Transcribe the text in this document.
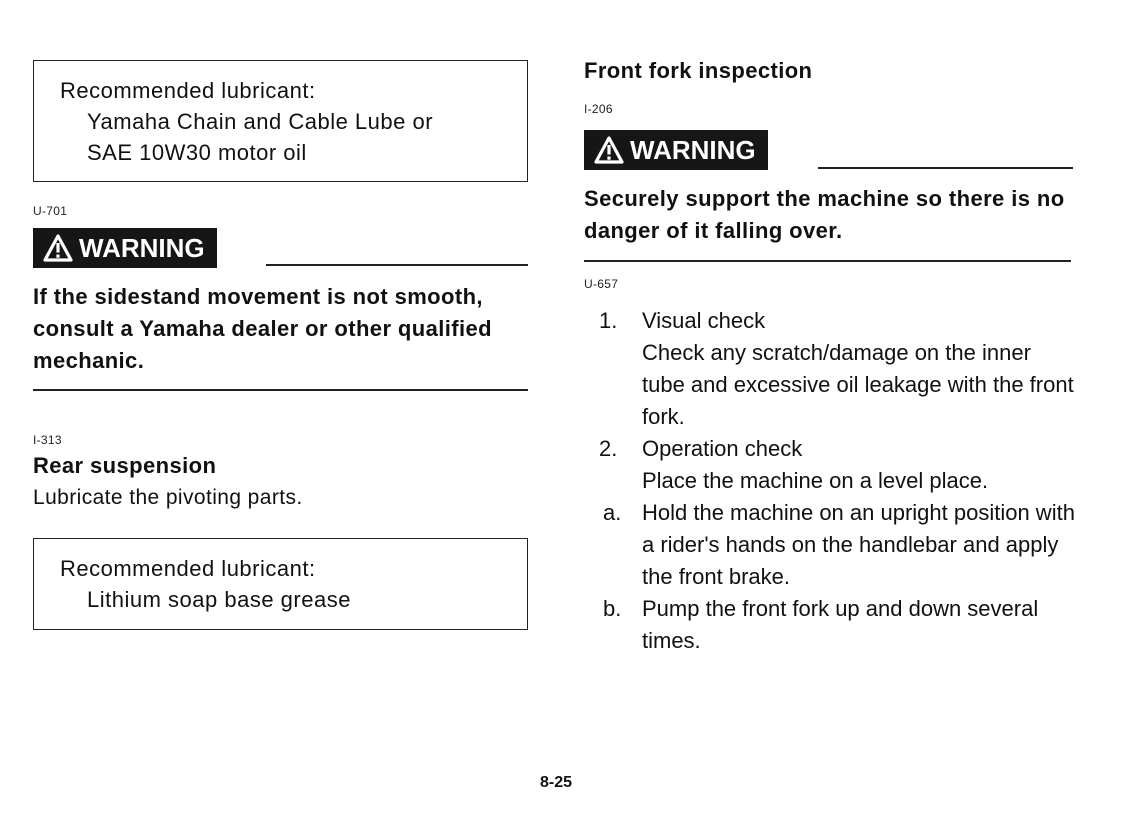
Recommended lubricant:
Yamaha Chain and Cable Lube or
SAE 10W30 motor oil
U-701
WARNING
If the sidestand movement is not smooth, consult a Yamaha dealer or other qualified mechanic.
I-313
Rear suspension
Lubricate the pivoting parts.
Recommended lubricant:
Lithium soap base grease
Front fork inspection
I-206
WARNING
Securely support the machine so there is no danger of it falling over.
U-657
1. Visual check
Check any scratch/damage on the inner tube and excessive oil leakage with the front fork.
2. Operation check
Place the machine on a level place.
a. Hold the machine on an upright position with a rider's hands on the handlebar and apply the front brake.
b. Pump the front fork up and down several times.
8-25
